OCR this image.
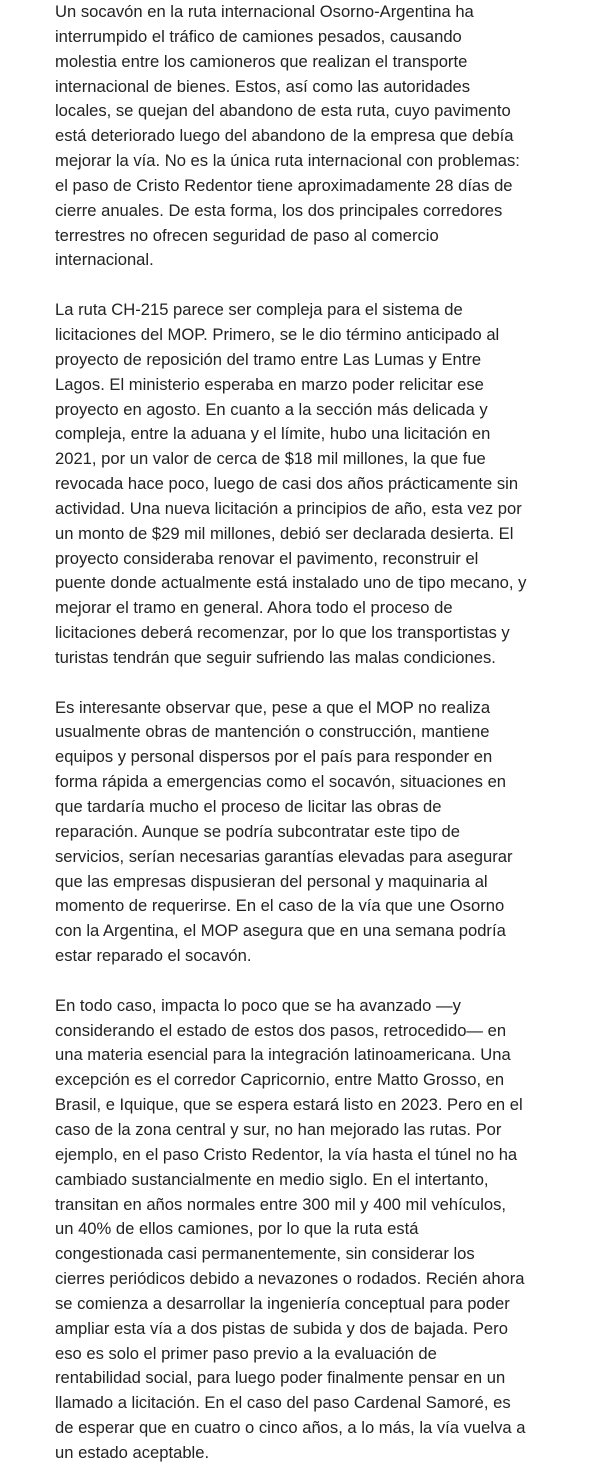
Un socavón en la ruta internacional Osorno-Argentina ha
interrumpido el tráfico de camiones pesados, causando
molestia entre los camioneros que realizan el transporte
internacional de bienes. Estos, así como las autoridades
locales, se quejan del abandono de esta ruta, cuyo pavimento
está deteriorado luego del abandono de la empresa que debía
mejorar la vía. No es la única ruta internacional con problemas:
el paso de Cristo Redentor tiene aproximadamente 28 días de
cierre anuales. De esta forma, los dos principales corredores
terrestres no ofrecen seguridad de paso al comercio
internacional.

La ruta CH-215 parece ser compleja para el sistema de
licitaciones del MOP. Primero, se le dio término anticipado al
proyecto de reposición del tramo entre Las Lumas y Entre
Lagos. El ministerio esperaba en marzo poder relicitar ese
proyecto en agosto. En cuanto a la sección más delicada y
compleja, entre la aduana y el límite, hubo una licitación en
2021, por un valor de cerca de $18 mil millones, la que fue
revocada hace poco, luego de casi dos años prácticamente sin
actividad. Una nueva licitación a principios de año, esta vez por
un monto de $29 mil millones, debió ser declarada desierta. El
proyecto consideraba renovar el pavimento, reconstruir el
puente donde actualmente está instalado uno de tipo mecano, y
mejorar el tramo en general. Ahora todo el proceso de
licitaciones deberá recomenzar, por lo que los transportistas y
turistas tendrán que seguir sufriendo las malas condiciones.

Es interesante observar que, pese a que el MOP no realiza
usualmente obras de mantención o construcción, mantiene
equipos y personal dispersos por el país para responder en
forma rápida a emergencias como el socavón, situaciones en
que tardaría mucho el proceso de licitar las obras de
reparación. Aunque se podría subcontratar este tipo de
servicios, serían necesarias garantías elevadas para asegurar
que las empresas dispusieran del personal y maquinaria al
momento de requerirse. En el caso de la vía que une Osorno
con la Argentina, el MOP asegura que en una semana podría
estar reparado el socavón.

En todo caso, impacta lo poco que se ha avanzado —y
considerando el estado de estos dos pasos, retrocedido— en
una materia esencial para la integración latinoamericana. Una
excepción es el corredor Capricornio, entre Matto Grosso, en
Brasil, e Iquique, que se espera estará listo en 2023. Pero en el
caso de la zona central y sur, no han mejorado las rutas. Por
ejemplo, en el paso Cristo Redentor, la vía hasta el túnel no ha
cambiado sustancialmente en medio siglo. En el intertanto,
transitan en años normales entre 300 mil y 400 mil vehículos,
un 40% de ellos camiones, por lo que la ruta está
congestionada casi permanentemente, sin considerar los
cierres periódicos debido a nevazones o rodados. Recién ahora
se comienza a desarrollar la ingeniería conceptual para poder
ampliar esta vía a dos pistas de subida y dos de bajada. Pero
eso es solo el primer paso previo a la evaluación de
rentabilidad social, para luego poder finalmente pensar en un
llamado a licitación. En el caso del paso Cardenal Samoré, es
de esperar que en cuatro o cinco años, a lo más, la vía vuelva a
un estado aceptable.
